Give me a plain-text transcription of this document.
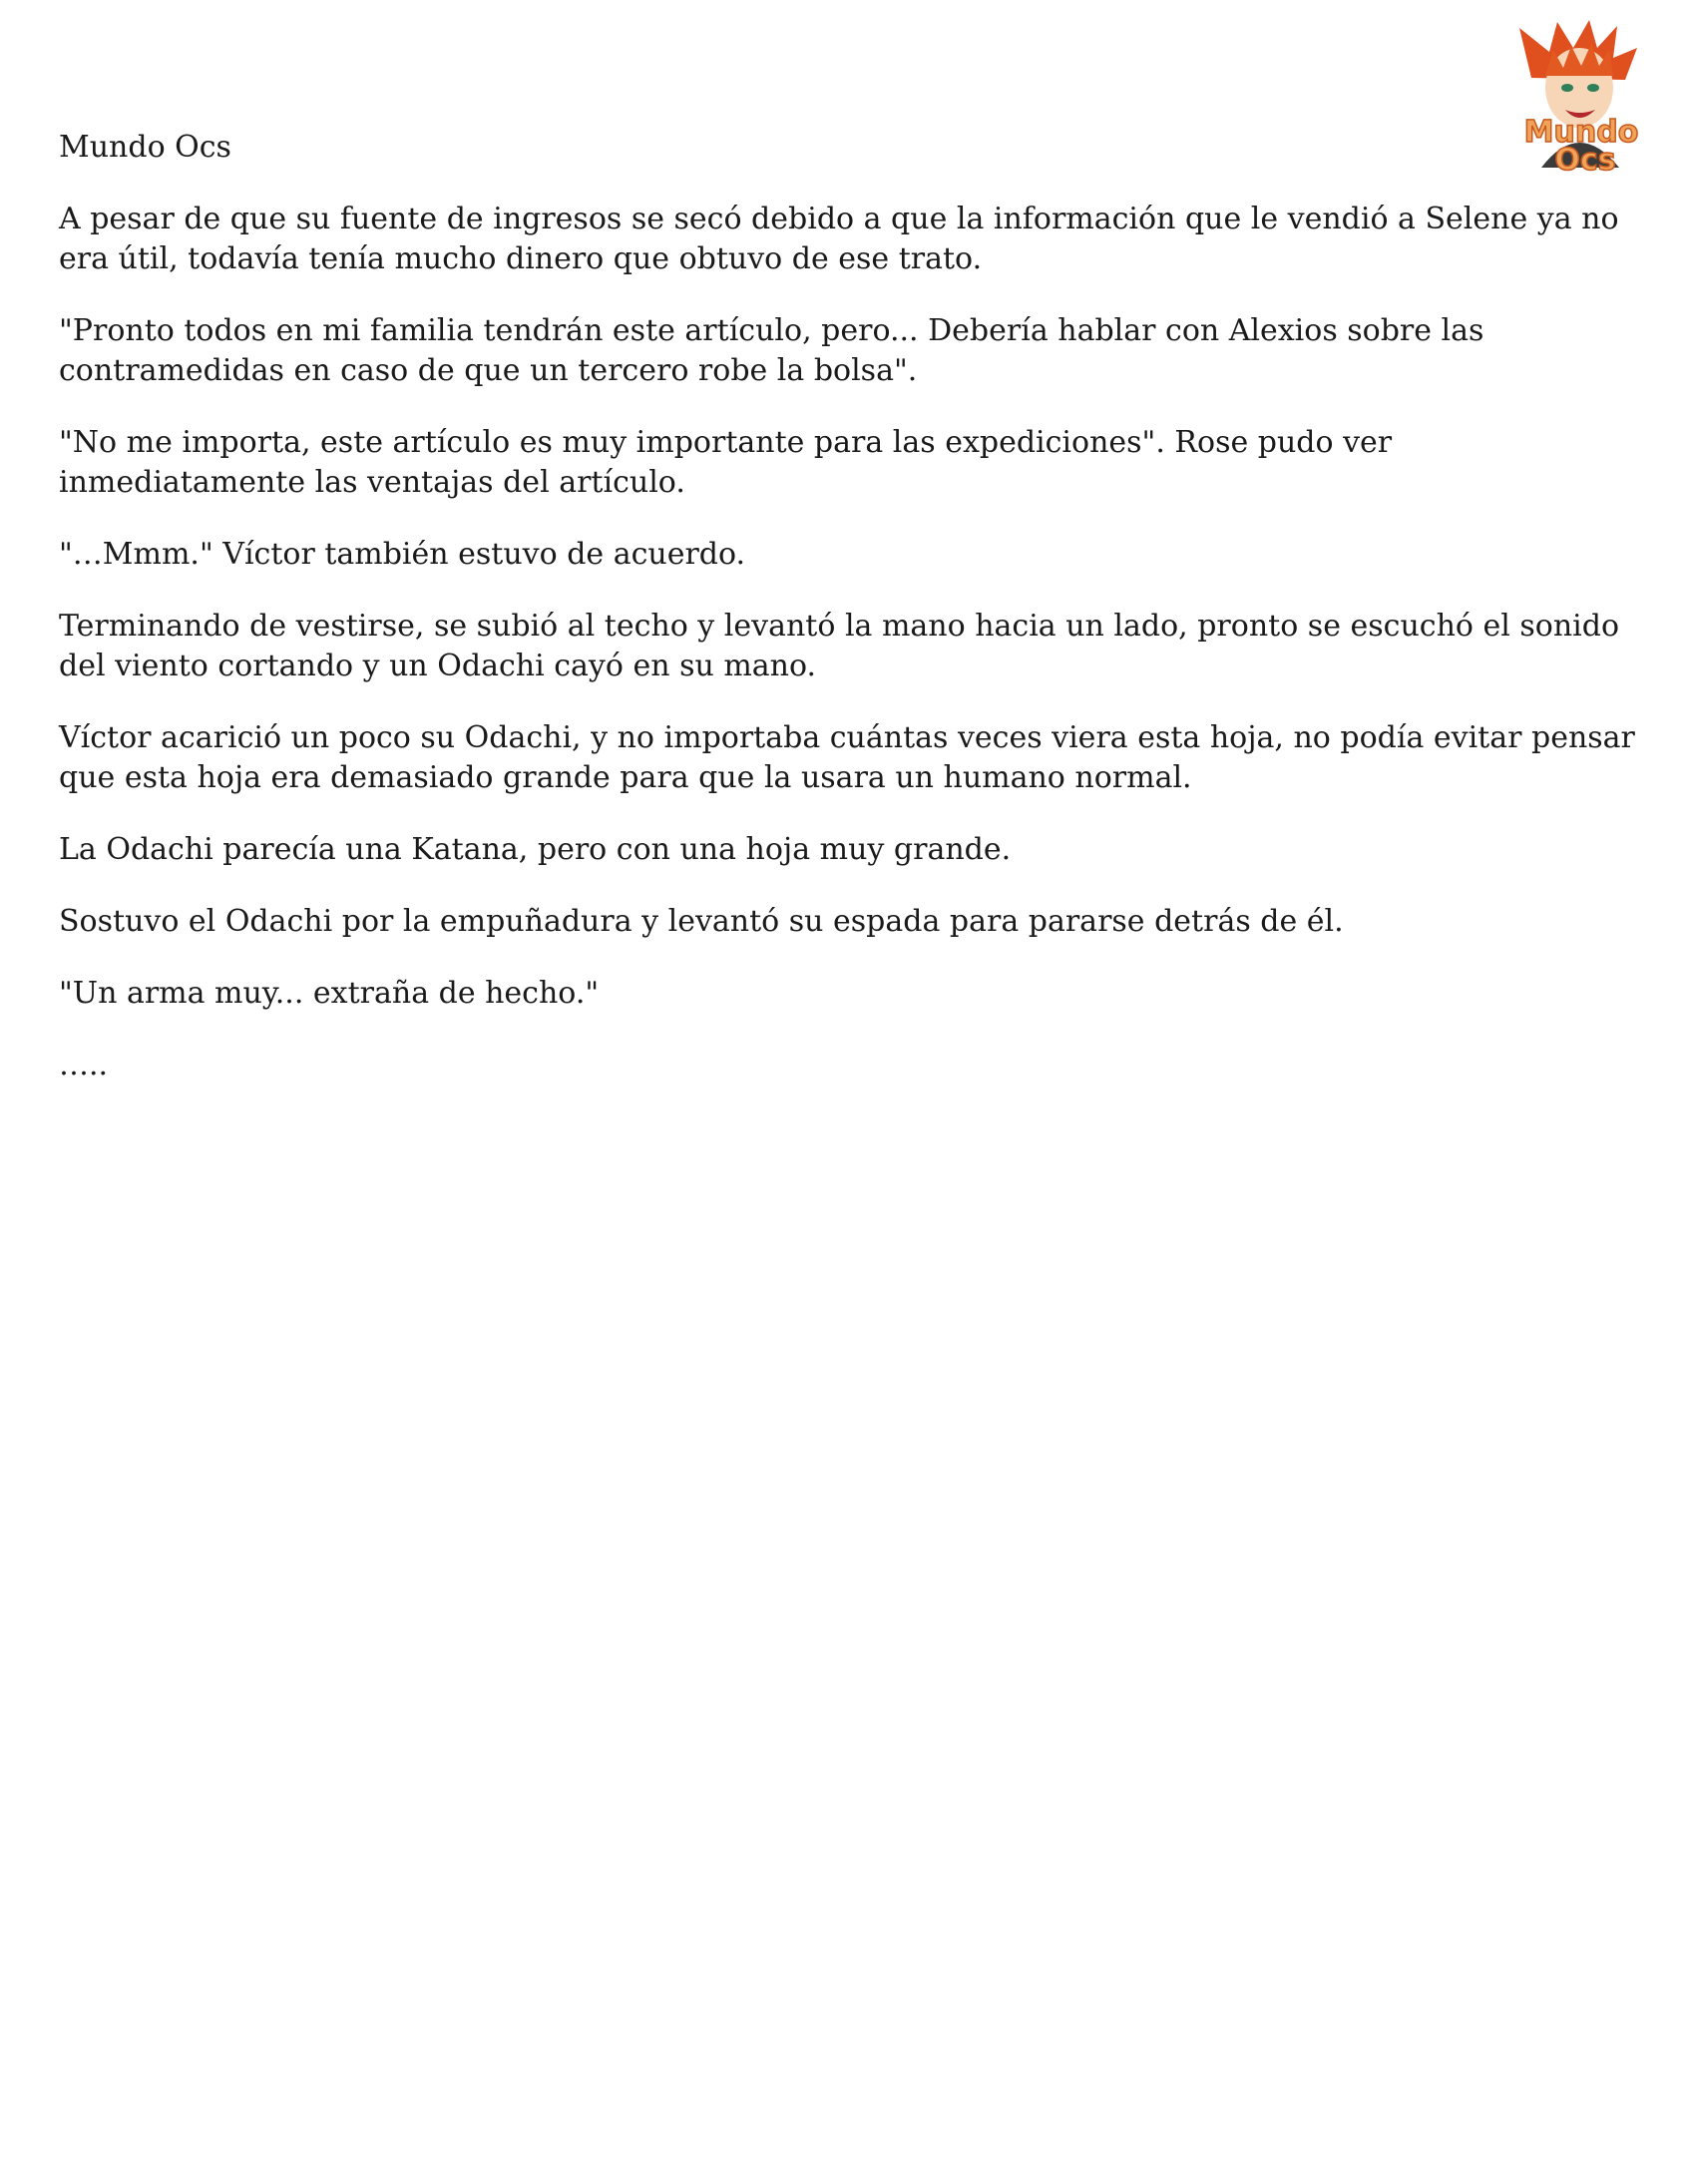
Mundo
Ocs

Mundo Ocs

A pesar de que su fuente de ingresos se secó debido a que la información que le vendió a Selene ya no era útil, todavía tenía mucho dinero que obtuvo de ese trato.

"Pronto todos en mi familia tendrán este artículo, pero... Debería hablar con Alexios sobre las contramedidas en caso de que un tercero robe la bolsa".

"No me importa, este artículo es muy importante para las expediciones". Rose pudo ver inmediatamente las ventajas del artículo.

"…Mmm." Víctor también estuvo de acuerdo.

Terminando de vestirse, se subió al techo y levantó la mano hacia un lado, pronto se escuchó el sonido del viento cortando y un Odachi cayó en su mano.

Víctor acarició un poco su Odachi, y no importaba cuántas veces viera esta hoja, no podía evitar pensar que esta hoja era demasiado grande para que la usara un humano normal.

La Odachi parecía una Katana, pero con una hoja muy grande.

Sostuvo el Odachi por la empuñadura y levantó su espada para pararse detrás de él.

"Un arma muy... extraña de hecho."

…..
